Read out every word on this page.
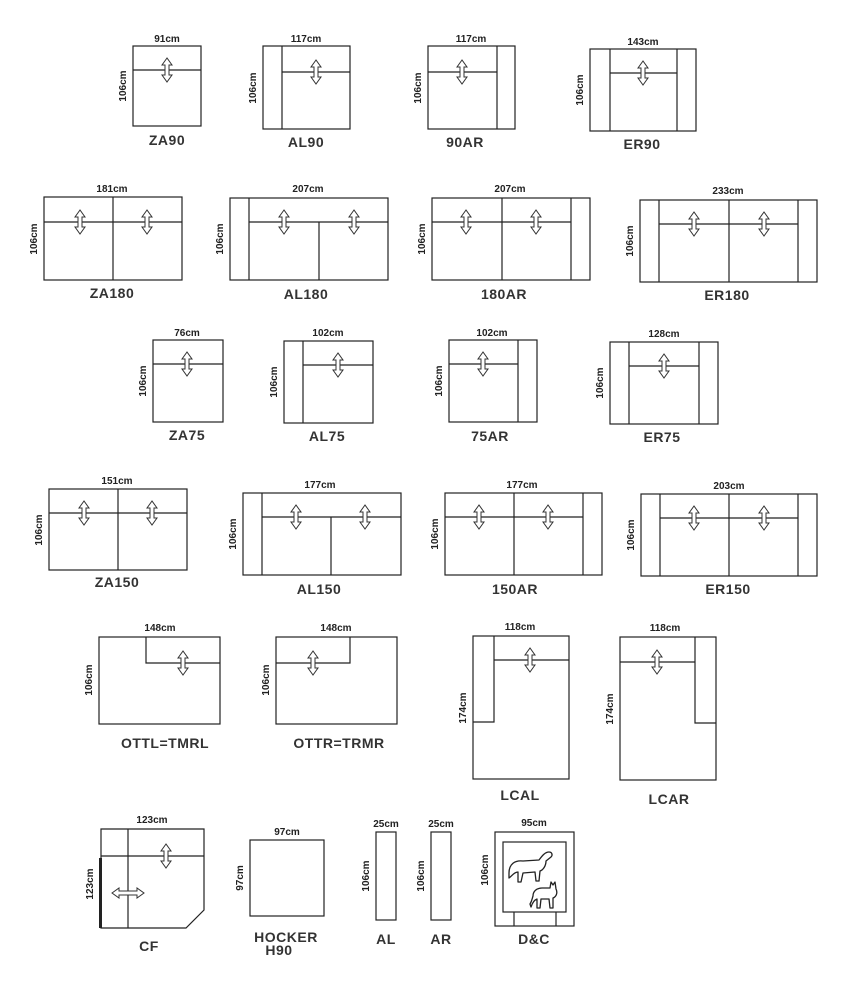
91cm
106cm
ZA90
117cm
106cm
AL90
117cm
106cm
90AR
143cm
106cm
ER90
181cm
106cm
ZA180
207cm
106cm
AL180
207cm
106cm
180AR
233cm
106cm
ER180
76cm
106cm
ZA75
102cm
106cm
AL75
102cm
106cm
75AR
128cm
106cm
ER75
151cm
106cm
ZA150
177cm
106cm
AL150
177cm
106cm
150AR
203cm
106cm
ER150
148cm
106cm
OTTL=TMRL
148cm
106cm
OTTR=TRMR
118cm
174cm
LCAL
118cm
174cm
LCAR
123cm
123cm
CF
97cm
97cm
HOCKER
H90
25cm
106cm
AL
25cm
106cm
AR
95cm
106cm
D&C
